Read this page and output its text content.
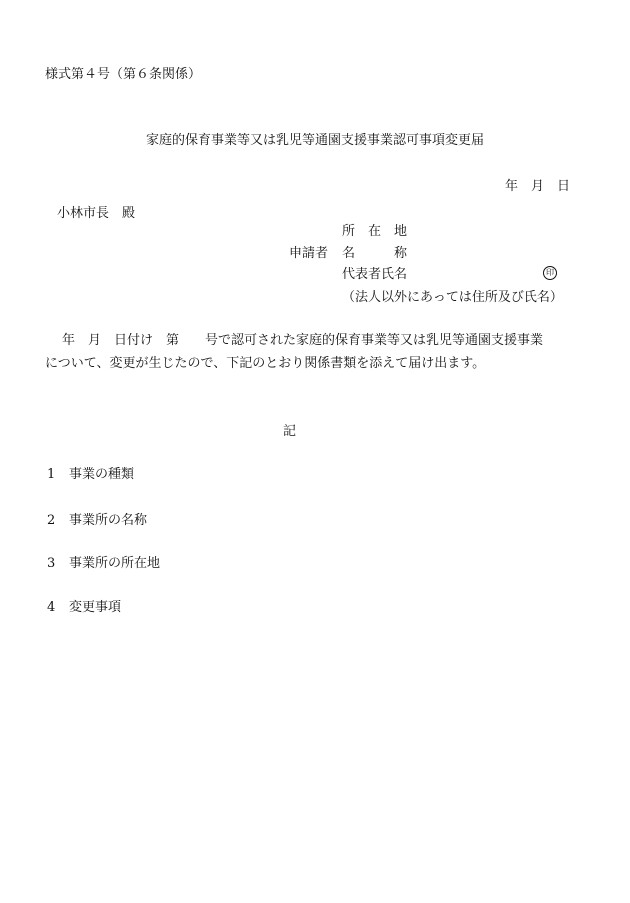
様式第４号（第６条関係）
家庭的保育事業等又は乳児等通園支援事業認可事項変更届
年　月　日
小林市長　殿
所　在　地
申請者 名　　　称
代表者氏名	印
（法人以外にあっては住所及び氏名）
年　月　日付け　第　　号で認可された家庭的保育事業等又は乳児等通園支援事業
について、変更が生じたので、下記のとおり関係書類を添えて届け出ます。
記
1 事業の種類
2 事業所の名称
3 事業所の所在地
4 変更事項
